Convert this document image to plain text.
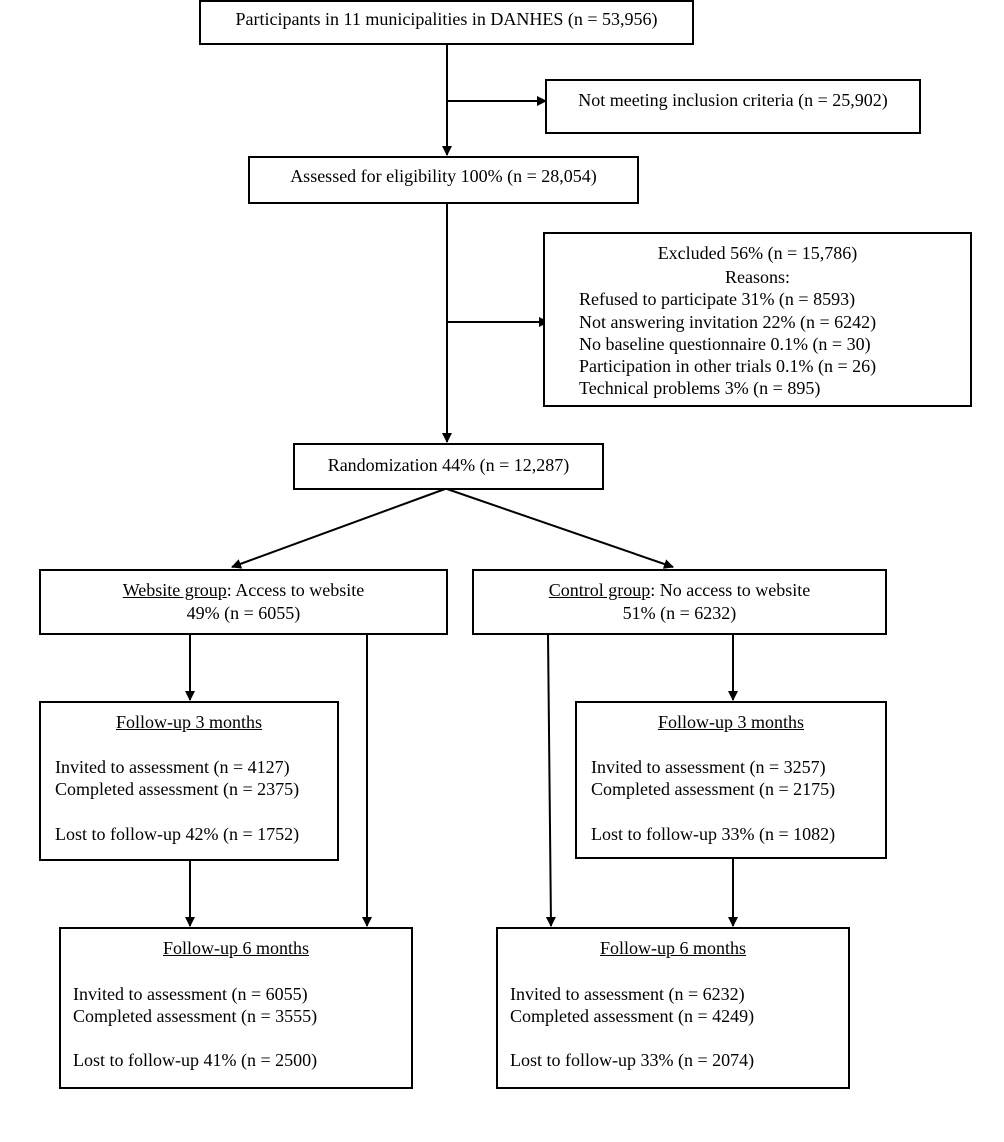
Participants in 11 municipalities in DANHES (n = 53,956)
Not meeting inclusion criteria (n = 25,902)
Assessed for eligibility 100% (n = 28,054)
Excluded 56% (n = 15,786)
Reasons:
Refused to participate 31% (n = 8593)
Not answering invitation 22% (n = 6242)
No baseline questionnaire 0.1% (n = 30)
Participation in other trials 0.1% (n = 26)
Technical problems 3% (n = 895)
Randomization 44% (n = 12,287)
Website group: Access to website
49% (n = 6055)
Control group: No access to website
51% (n = 6232)
Follow-up 3 months
Invited to assessment (n = 4127)
Completed assessment (n = 2375)
Lost to follow-up 42% (n = 1752)
Follow-up 3 months
Invited to assessment (n = 3257)
Completed assessment (n = 2175)
Lost to follow-up 33% (n = 1082)
Follow-up 6 months
Invited to assessment (n = 6055)
Completed assessment (n = 3555)
Lost to follow-up 41% (n = 2500)
Follow-up 6 months
Invited to assessment (n = 6232)
Completed assessment (n = 4249)
Lost to follow-up 33% (n = 2074)
